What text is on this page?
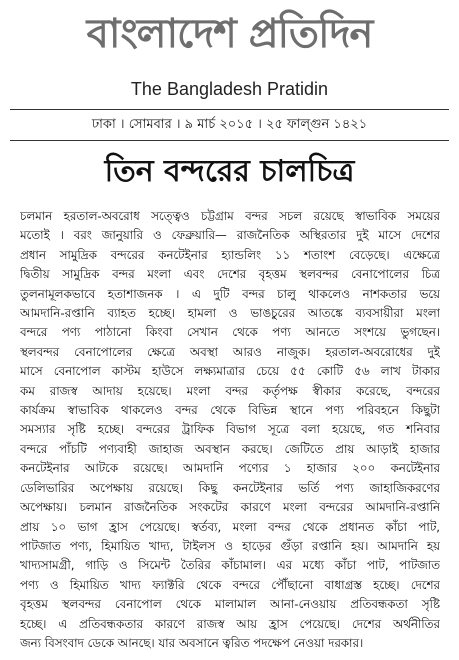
বাংলাদেশ প্রতিদিন
The Bangladesh Pratidin
ঢাকা । সোমবার । ৯ মার্চ ২০১৫ । ২৫ ফাল্গুন ১৪২১
তিন বন্দরের চালচিত্র
চলমান হরতাল-অবরোধ সত্ত্বেও চট্টগ্রাম বন্দর সচল রয়েছে স্বাভাবিক সময়ের
মতোই । বরং জানুয়ারি ও ফেব্রুয়ারি— রাজনৈতিক অস্থিরতার দুই মাসে দেশের
প্রধান সামুদ্রিক বন্দরের কনটেইনার হ্যান্ডলিং ১১ শতাংশ বেড়েছে। এক্ষেত্রে
দ্বিতীয় সামুদ্রিক বন্দর মংলা এবং দেশের বৃহত্তম স্থলবন্দর বেনাপোলের চিত্র
তুলনামূলকভাবে হতাশাজনক । এ দুটি বন্দর চালু থাকলেও নাশকতার ভয়ে
আমদানি-রপ্তানি ব্যাহত হচ্ছে। হামলা ও ভাঙচুরের আতঙ্কে ব্যবসায়ীরা মংলা
বন্দরে পণ্য পাঠানো কিংবা সেখান থেকে পণ্য আনতে সংশয়ে ভুগছেন।
স্থলবন্দর বেনাপোলের ক্ষেত্রে অবস্থা আরও নাজুক। হরতাল-অবরোধের দুই
মাসে বেনাপোল কাস্টম হাউসে লক্ষ্যমাত্রার চেয়ে ৫৫ কোটি ৫৬ লাখ টাকার
কম রাজস্ব আদায় হয়েছে। মংলা বন্দর কর্তৃপক্ষ স্বীকার করেছে, বন্দরের
কার্যক্রম স্বাভাবিক থাকলেও বন্দর থেকে বিভিন্ন স্থানে পণ্য পরিবহনে কিছুটা
সমস্যার সৃষ্টি হচ্ছে। বন্দরের ট্রাফিক বিভাগ সূত্রে বলা হয়েছে, গত শনিবার
বন্দরে পাঁচটি পণ্যবাহী জাহাজ অবস্থান করছে। জেটিতে প্রায় আড়াই হাজার
কনটেইনার আটকে রয়েছে। আমদানি পণ্যের ১ হাজার ২০০ কনটেইনার
ডেলিভারির অপেক্ষায় রয়েছে। কিছু কনটেইনার ভর্তি পণ্য জাহাজিকরণের
অপেক্ষায়। চলমান রাজনৈতিক সংকটের কারণে মংলা বন্দরের আমদানি-রপ্তানি
প্রায় ১০ ভাগ হ্রাস পেয়েছে। স্বর্তব্য, মংলা বন্দর থেকে প্রধানত কাঁচা পাট,
পাটজাত পণ্য, হিমায়িত খাদ্য, টাইলস ও হাড়ের গুঁড়া রপ্তানি হয়। আমদানি হয়
খাদ্যসামগ্রী, গাড়ি ও সিমেন্ট তৈরির কাঁচামাল। এর মধ্যে কাঁচা পাট, পাটজাত
পণ্য ও হিমায়িত খাদ্য ফ্যাক্টরি থেকে বন্দরে পৌঁছানো বাধাগ্রস্ত হচ্ছে। দেশের
বৃহত্তম স্থলবন্দর বেনাপোল থেকে মালামাল আনা-নেওয়ায় প্রতিবন্ধকতা সৃষ্টি
হচ্ছে। এ প্রতিবন্ধকতার কারণে রাজস্ব আয় হ্রাস পেয়েছে। দেশের অর্থনীতির
জন্য বিসংবাদ ডেকে আনছে। যার অবসানে ত্বরিত পদক্ষেপ নেওয়া দরকার।
